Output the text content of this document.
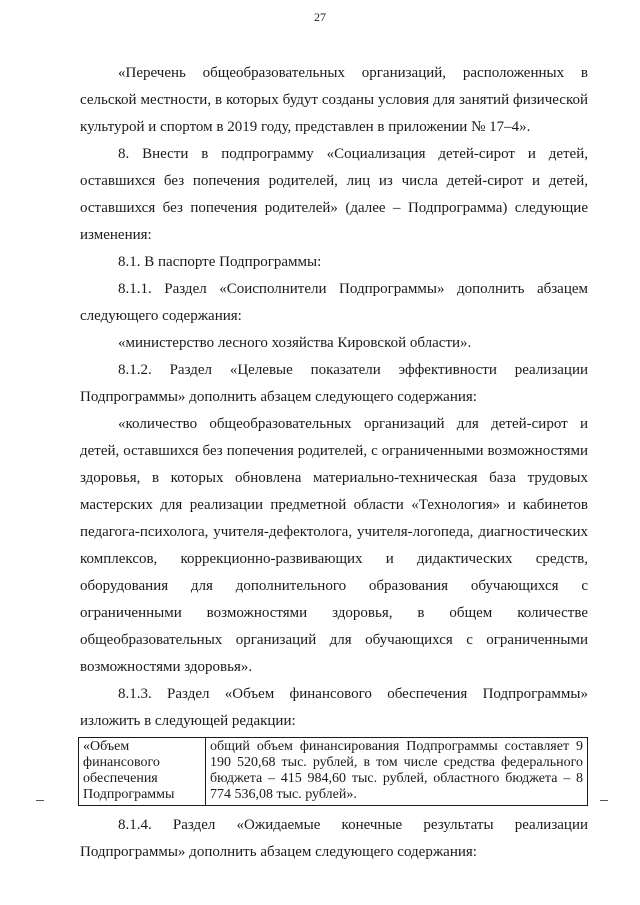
27

«Перечень общеобразовательных организаций, расположенных в сельской местности, в которых будут созданы условия для занятий физической культурой и спортом в 2019 году, представлен в приложении № 17–4».

8. Внести в подпрограмму «Социализация детей-сирот и детей, оставшихся без попечения родителей, лиц из числа детей-сирот и детей, оставшихся без попечения родителей» (далее – Подпрограмма) следующие изменения:

8.1. В паспорте Подпрограммы:

8.1.1. Раздел «Соисполнители Подпрограммы» дополнить абзацем следующего содержания:

«министерство лесного хозяйства Кировской области».

8.1.2. Раздел «Целевые показатели эффективности реализации Подпрограммы» дополнить абзацем следующего содержания:

«количество общеобразовательных организаций для детей-сирот и детей, оставшихся без попечения родителей, с ограниченными возможностями здоровья, в которых обновлена материально-техническая база трудовых мастерских для реализации предметной области «Технология» и кабинетов педагога-психолога, учителя-дефектолога, учителя-логопеда, диагностических комплексов, коррекционно-развивающих и дидактических средств, оборудования для дополнительного образования обучающихся с ограниченными возможностями здоровья, в общем количестве общеобразовательных организаций для обучающихся с ограниченными возможностями здоровья».

8.1.3. Раздел «Объем финансового обеспечения Подпрограммы» изложить в следующей редакции:

«Объем финансового обеспечения Подпрограммы	общий объем финансирования Подпрограммы составляет 9 190 520,68 тыс. рублей, в том числе средства федерального бюджета – 415 984,60 тыс. рублей, областного бюджета – 8 774 536,08 тыс. рублей».

8.1.4. Раздел «Ожидаемые конечные результаты реализации Подпрограммы» дополнить абзацем следующего содержания:
